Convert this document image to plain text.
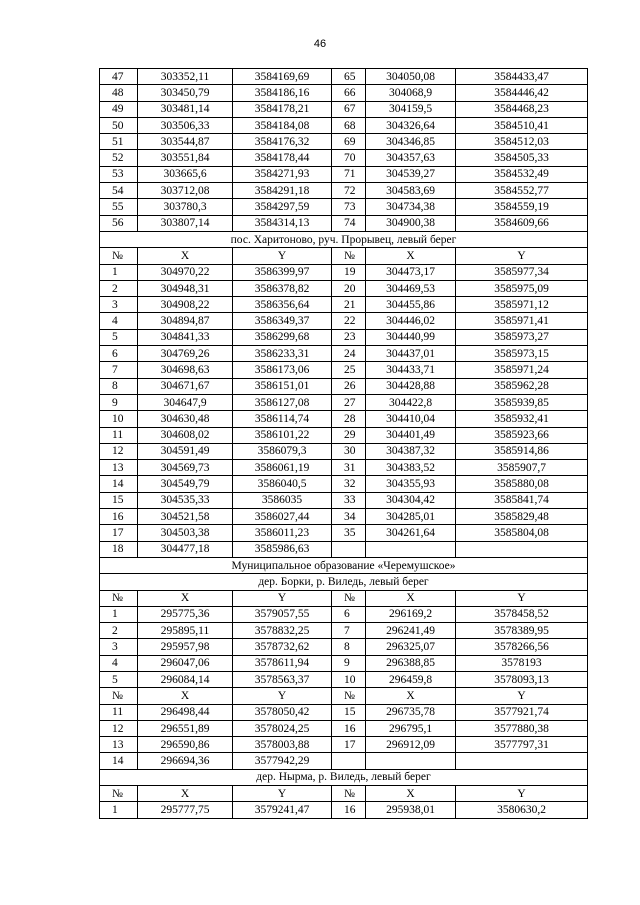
46
47	303352,11	3584169,69	65	304050,08	3584433,47
48	303450,79	3584186,16	66	304068,9	3584446,42
49	303481,14	3584178,21	67	304159,5	3584468,23
50	303506,33	3584184,08	68	304326,64	3584510,41
51	303544,87	3584176,32	69	304346,85	3584512,03
52	303551,84	3584178,44	70	304357,63	3584505,33
53	303665,6	3584271,93	71	304539,27	3584532,49
54	303712,08	3584291,18	72	304583,69	3584552,77
55	303780,3	3584297,59	73	304734,38	3584559,19
56	303807,14	3584314,13	74	304900,38	3584609,66
пос. Харитоново, руч. Прорывец, левый берег					
№	X	Y	№	X	Y
1	304970,22	3586399,97	19	304473,17	3585977,34
2	304948,31	3586378,82	20	304469,53	3585975,09
3	304908,22	3586356,64	21	304455,86	3585971,12
4	304894,87	3586349,37	22	304446,02	3585971,41
5	304841,33	3586299,68	23	304440,99	3585973,27
6	304769,26	3586233,31	24	304437,01	3585973,15
7	304698,63	3586173,06	25	304433,71	3585971,24
8	304671,67	3586151,01	26	304428,88	3585962,28
9	304647,9	3586127,08	27	304422,8	3585939,85
10	304630,48	3586114,74	28	304410,04	3585932,41
11	304608,02	3586101,22	29	304401,49	3585923,66
12	304591,49	3586079,3	30	304387,32	3585914,86
13	304569,73	3586061,19	31	304383,52	3585907,7
14	304549,79	3586040,5	32	304355,93	3585880,08
15	304535,33	3586035	33	304304,42	3585841,74
16	304521,58	3586027,44	34	304285,01	3585829,48
17	304503,38	3586011,23	35	304261,64	3585804,08
18	304477,18	3585986,63			
Муниципальное образование «Черемушское»					
дер. Борки, р. Виледь, левый берег					
№	X	Y	№	X	Y
1	295775,36	3579057,55	6	296169,2	3578458,52
2	295895,11	3578832,25	7	296241,49	3578389,95
3	295957,98	3578732,62	8	296325,07	3578266,56
4	296047,06	3578611,94	9	296388,85	3578193
5	296084,14	3578563,37	10	296459,8	3578093,13
№	X	Y	№	X	Y
11	296498,44	3578050,42	15	296735,78	3577921,74
12	296551,89	3578024,25	16	296795,1	3577880,38
13	296590,86	3578003,88	17	296912,09	3577797,31
14	296694,36	3577942,29			
дер. Нырма, р. Виледь, левый берег					
№	X	Y	№	X	Y
1	295777,75	3579241,47	16	295938,01	3580630,2
